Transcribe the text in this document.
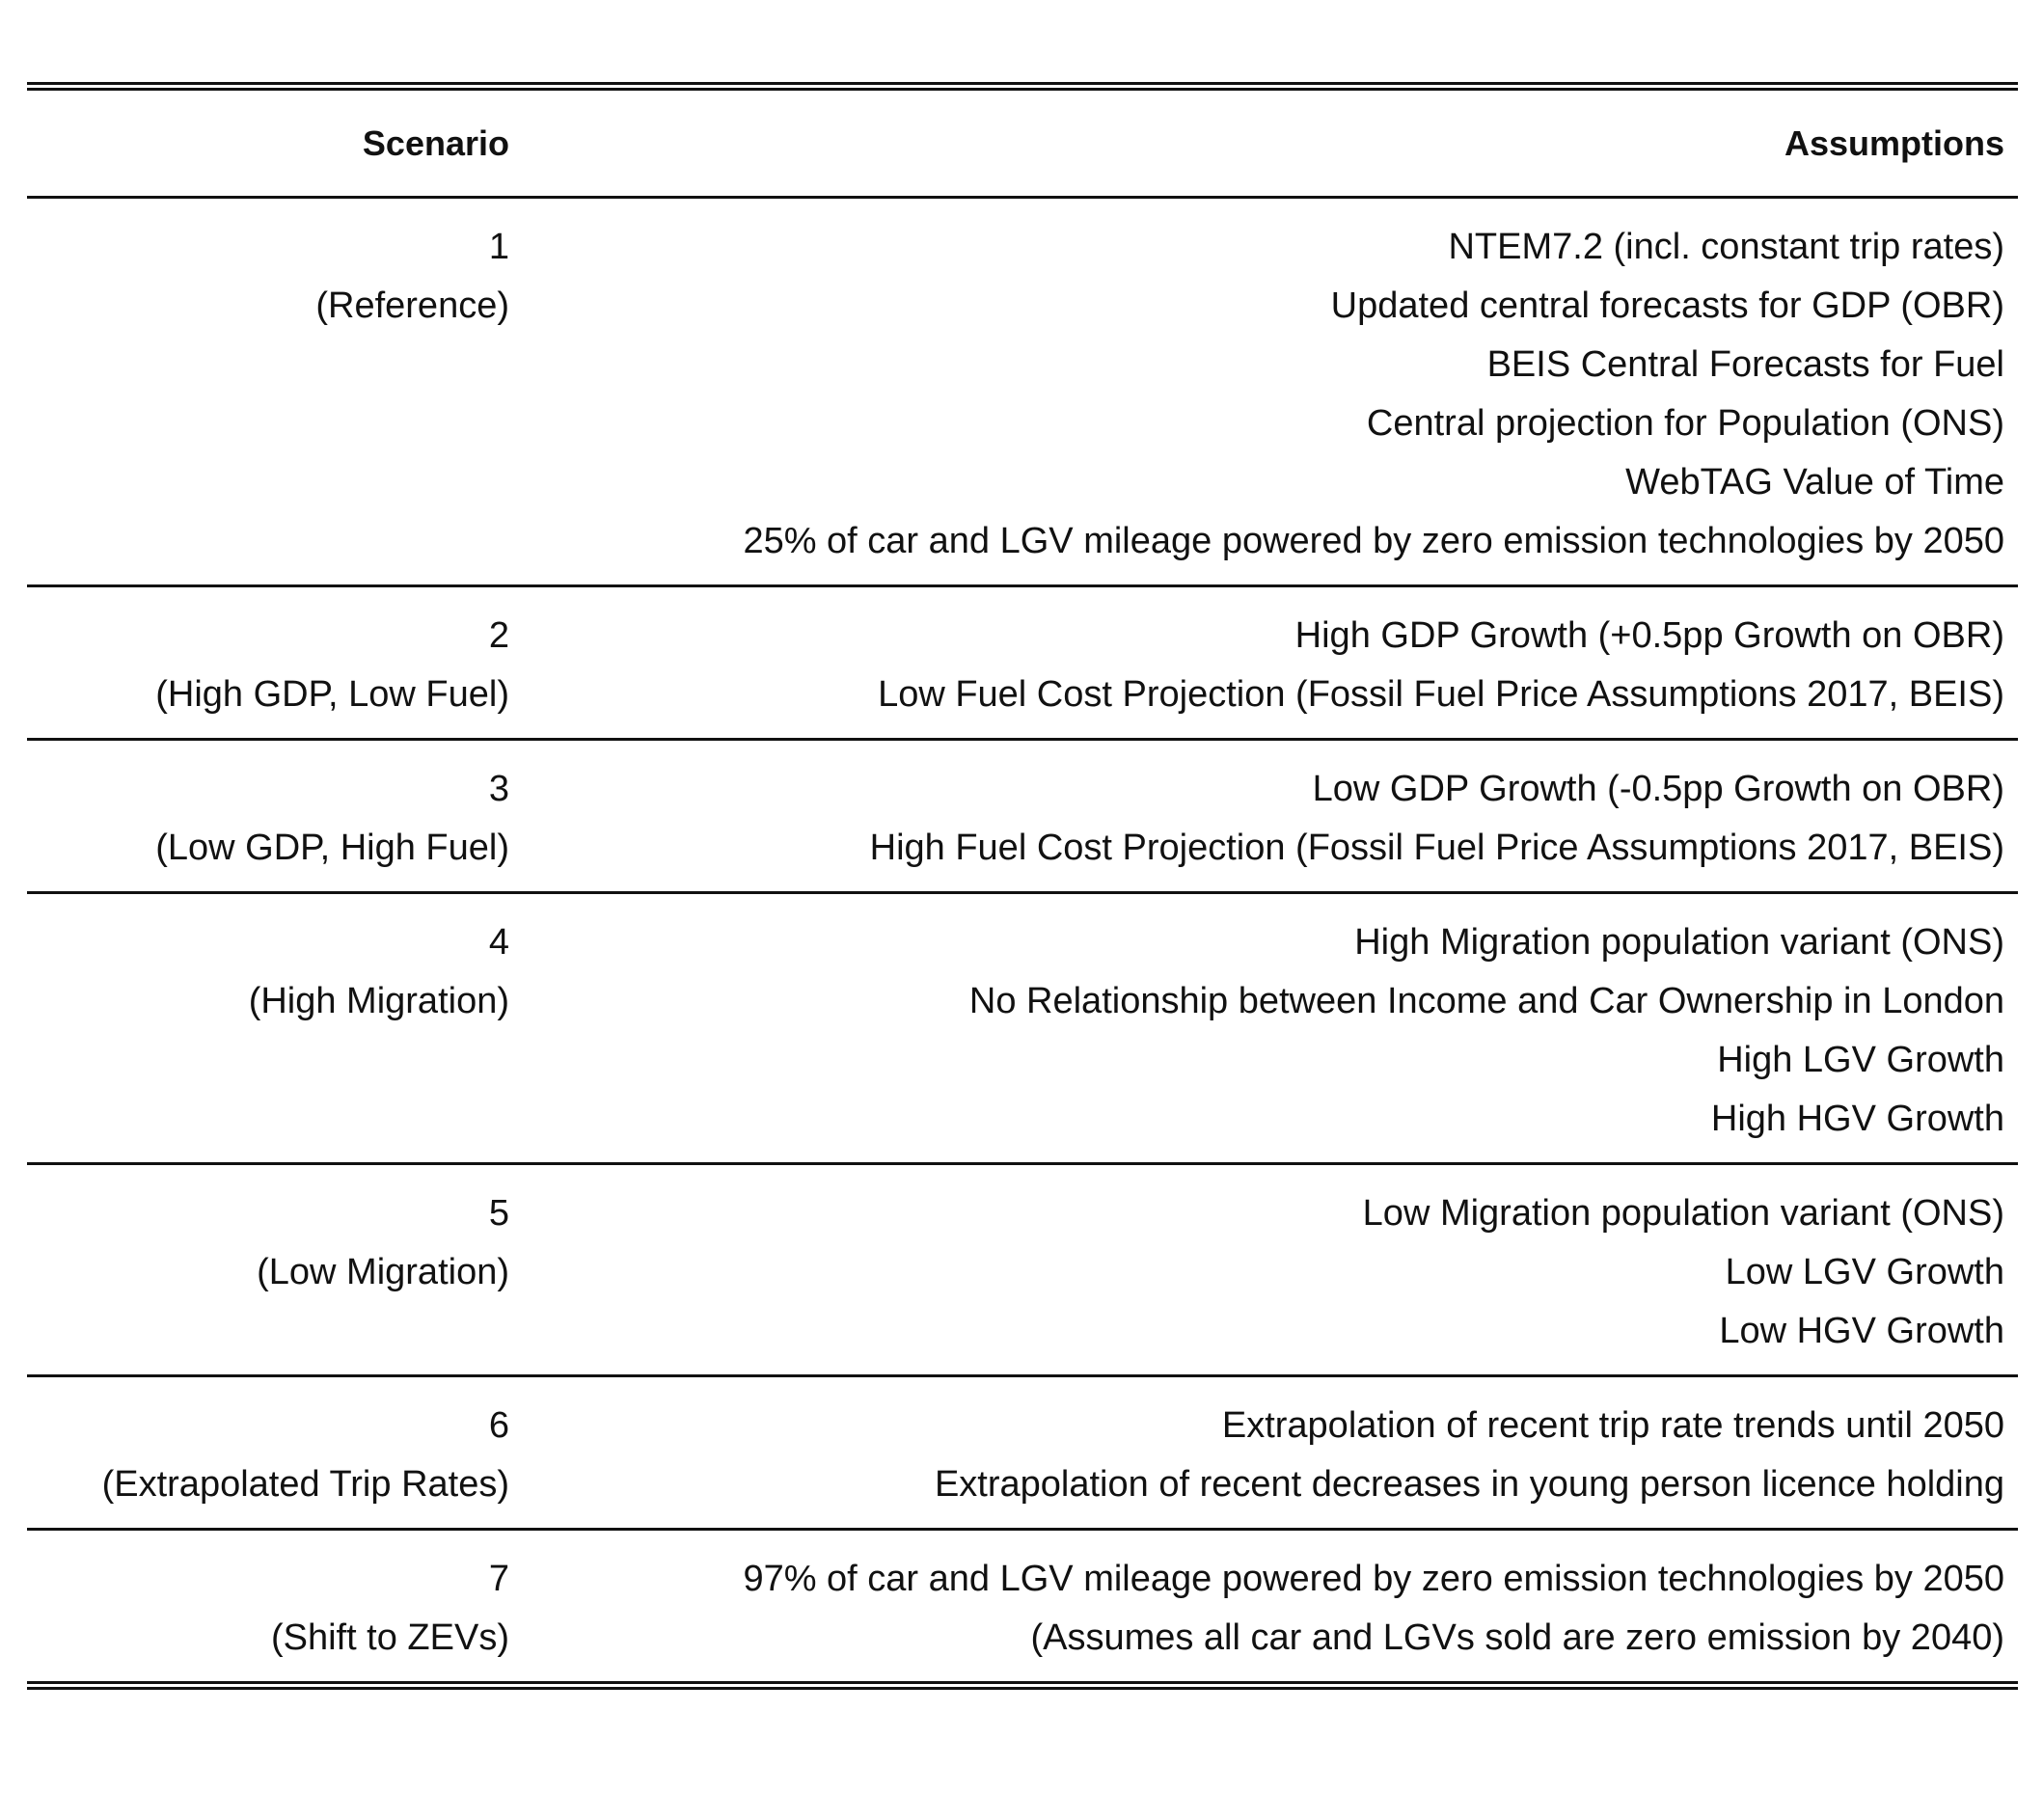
Scenario	Assumptions
1
(Reference)
NTEM7.2 (incl. constant trip rates)
Updated central forecasts for GDP (OBR)
BEIS Central Forecasts for Fuel
Central projection for Population (ONS)
WebTAG Value of Time
25% of car and LGV mileage powered by zero emission technologies by 2050
2
(High GDP, Low Fuel)
High GDP Growth (+0.5pp Growth on OBR)
Low Fuel Cost Projection (Fossil Fuel Price Assumptions 2017, BEIS)
3
(Low GDP, High Fuel)
Low GDP Growth (-0.5pp Growth on OBR)
High Fuel Cost Projection (Fossil Fuel Price Assumptions 2017, BEIS)
4
(High Migration)
High Migration population variant (ONS)
No Relationship between Income and Car Ownership in London
High LGV Growth
High HGV Growth
5
(Low Migration)
Low Migration population variant (ONS)
Low LGV Growth
Low HGV Growth
6
(Extrapolated Trip Rates)
Extrapolation of recent trip rate trends until 2050
Extrapolation of recent decreases in young person licence holding
7
(Shift to ZEVs)
97% of car and LGV mileage powered by zero emission technologies by 2050
(Assumes all car and LGVs sold are zero emission by 2040)
